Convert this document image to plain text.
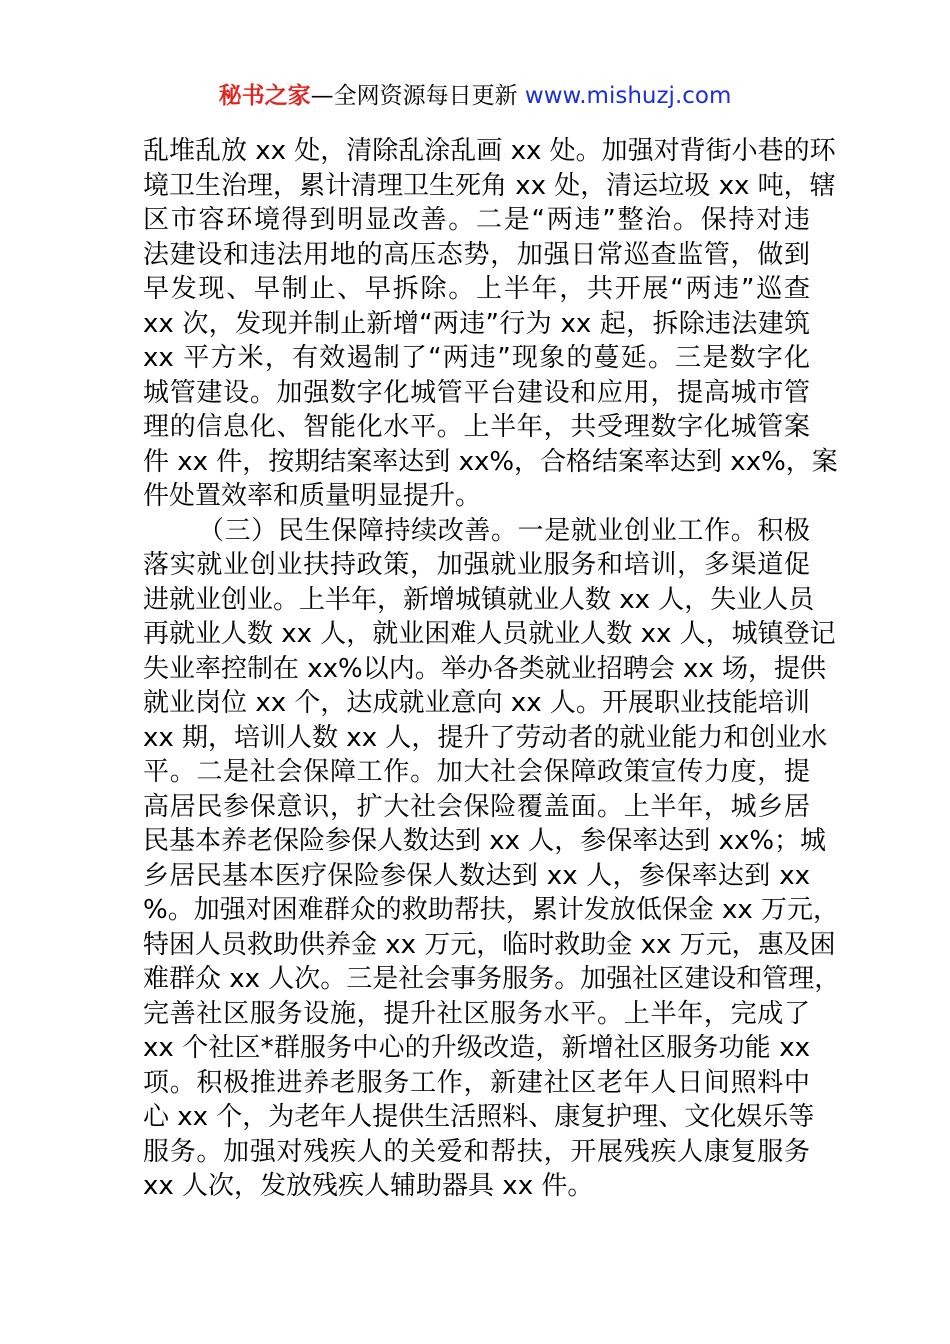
秘书之家—全网资源每日更新 www.mishuzj.com
乱堆乱放 xx 处，清除乱涂乱画 xx 处。加强对背街小巷的环
境卫生治理，累计清理卫生死角 xx 处，清运垃圾 xx 吨，辖
区市容环境得到明显改善。二是“两违”整治。保持对违
法建设和违法用地的高压态势，加强日常巡查监管，做到
早发现、早制止、早拆除。上半年，共开展“两违”巡查
xx 次，发现并制止新增“两违”行为 xx 起，拆除违法建筑
xx 平方米，有效遏制了“两违”现象的蔓延。三是数字化
城管建设。加强数字化城管平台建设和应用，提高城市管
理的信息化、智能化水平。上半年，共受理数字化城管案
件 xx 件，按期结案率达到 xx%，合格结案率达到 xx%，案
件处置效率和质量明显提升。
（三）民生保障持续改善。一是就业创业工作。积极
落实就业创业扶持政策，加强就业服务和培训，多渠道促
进就业创业。上半年，新增城镇就业人数 xx 人，失业人员
再就业人数 xx 人，就业困难人员就业人数 xx 人，城镇登记
失业率控制在 xx%以内。举办各类就业招聘会 xx 场，提供
就业岗位 xx 个，达成就业意向 xx 人。开展职业技能培训
xx 期，培训人数 xx 人，提升了劳动者的就业能力和创业水
平。二是社会保障工作。加大社会保障政策宣传力度，提
高居民参保意识，扩大社会保险覆盖面。上半年，城乡居
民基本养老保险参保人数达到 xx 人，参保率达到 xx%；城
乡居民基本医疗保险参保人数达到 xx 人，参保率达到 xx
%。加强对困难群众的救助帮扶，累计发放低保金 xx 万元，
特困人员救助供养金 xx 万元，临时救助金 xx 万元，惠及困
难群众 xx 人次。三是社会事务服务。加强社区建设和管理，
完善社区服务设施，提升社区服务水平。上半年，完成了
xx 个社区*群服务中心的升级改造，新增社区服务功能 xx
项。积极推进养老服务工作，新建社区老年人日间照料中
心 xx 个，为老年人提供生活照料、康复护理、文化娱乐等
服务。加强对残疾人的关爱和帮扶，开展残疾人康复服务
xx 人次，发放残疾人辅助器具 xx 件。
